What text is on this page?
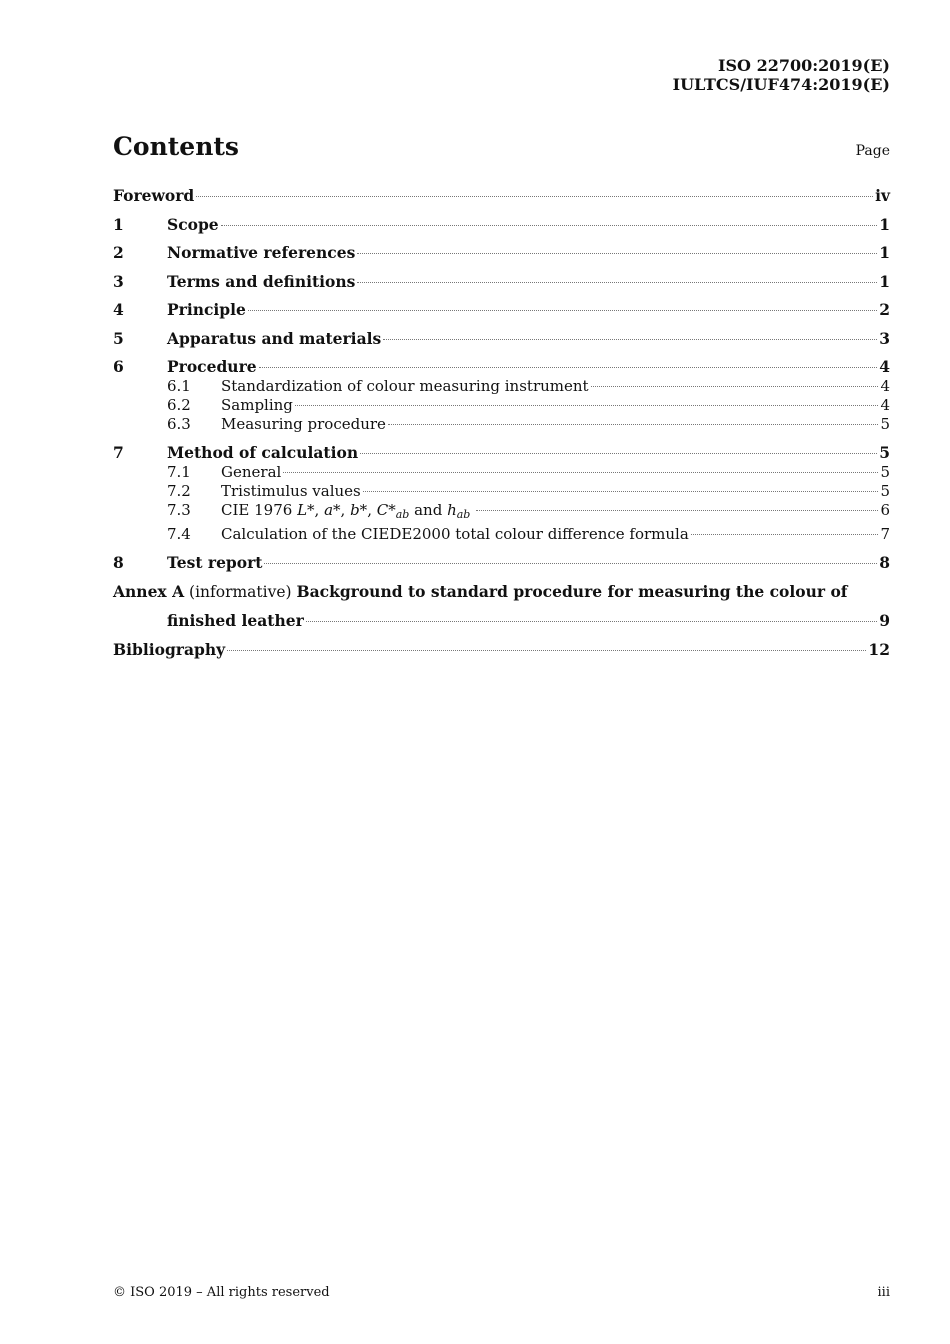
ISO 22700:2019(E)
IULTCS/IUF474:2019(E)
Contents	Page
Foreword	iv
1	Scope	1
2	Normative references	1
3	Terms and definitions	1
4	Principle	2
5	Apparatus and materials	3
6	Procedure	4
6.1	Standardization of colour measuring instrument	4
6.2	Sampling	4
6.3	Measuring procedure	5
7	Method of calculation	5
7.1	General	5
7.2	Tristimulus values	5
7.3	CIE 1976 L*, a*, b*, $C*_{ab}$ and $h_{ab}$	6
7.4	Calculation of the CIEDE2000 total colour difference formula	7
8	Test report	8
Annex A (informative) Background to standard procedure for measuring the colour of
finished leather	9
Bibliography	12
© ISO 2019 – All rights reserved	iii
